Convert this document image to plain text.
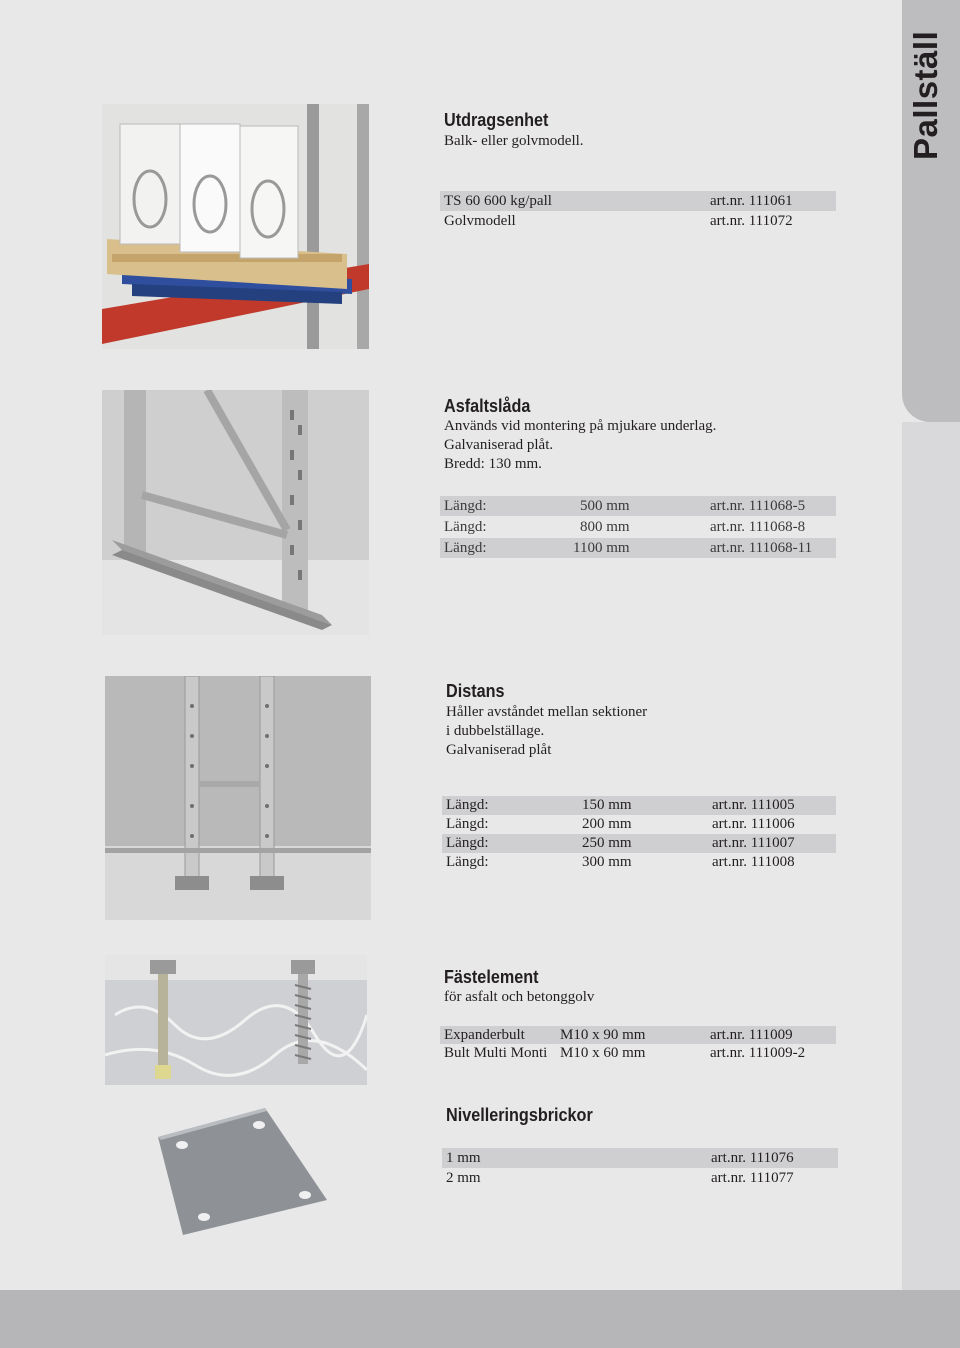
Pallställ
Utdragsenhet
Balk- eller golvmodell.
TS 60 600 kg/pall	art.nr. 111061
Golvmodell	art.nr. 111072
Asfaltslåda
Används vid montering på mjukare underlag.
Galvaniserad plåt.
Bredd: 130 mm.
Längd:	500 mm	art.nr. 111068-5
Längd:	800 mm	art.nr. 111068-8
Längd:	1100 mm	art.nr. 111068-11
Distans
Håller avståndet mellan sektioner
i dubbelställage.
Galvaniserad plåt
Längd:	150 mm	art.nr. 111005
Längd:	200 mm	art.nr. 111006
Längd:	250 mm	art.nr. 111007
Längd:	300 mm	art.nr. 111008
Fästelement
för asfalt och betonggolv
Expanderbult M10 x 90 mm	art.nr. 111009
Bult Multi Monti M10 x 60 mm	art.nr. 111009-2
Nivelleringsbrickor
1 mm	art.nr. 111076
2 mm	art.nr. 111077
